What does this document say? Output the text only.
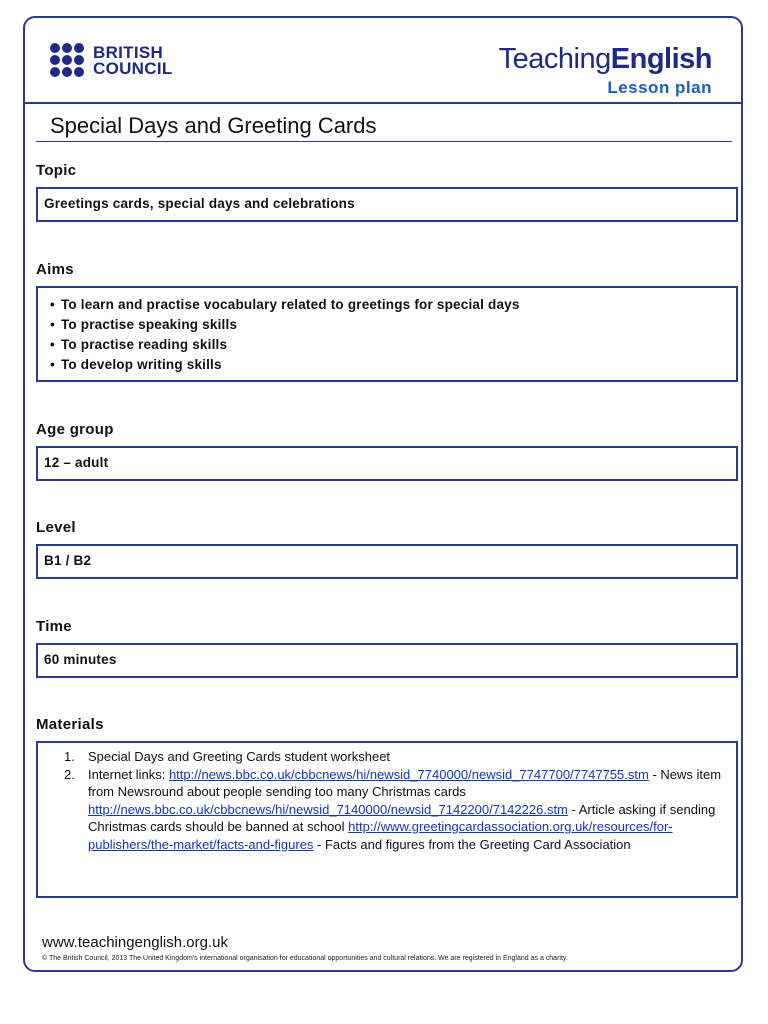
BRITISH
COUNCIL	TeachingEnglish
Lesson plan
Special Days and Greeting Cards
Topic
Greetings cards, special days and celebrations
Aims
• To learn and practise vocabulary related to greetings for special days
• To practise speaking skills
• To practise reading skills
• To develop writing skills
Age group
12 – adult
Level
B1 / B2
Time
60 minutes
Materials
1. Special Days and Greeting Cards student worksheet
2. Internet links: http://news.bbc.co.uk/cbbcnews/hi/newsid_7740000/newsid_7747700/7747755.stm - News item from Newsround about people sending too many Christmas cards http://news.bbc.co.uk/cbbcnews/hi/newsid_7140000/newsid_7142200/7142226.stm - Article asking if sending Christmas cards should be banned at school http://www.greetingcardassociation.org.uk/resources/for-publishers/the-market/facts-and-figures - Facts and figures from the Greeting Card Association
www.teachingenglish.org.uk
© The British Council, 2013 The United Kingdom's international organisation for educational opportunities and cultural relations. We are registered in England as a charity.
